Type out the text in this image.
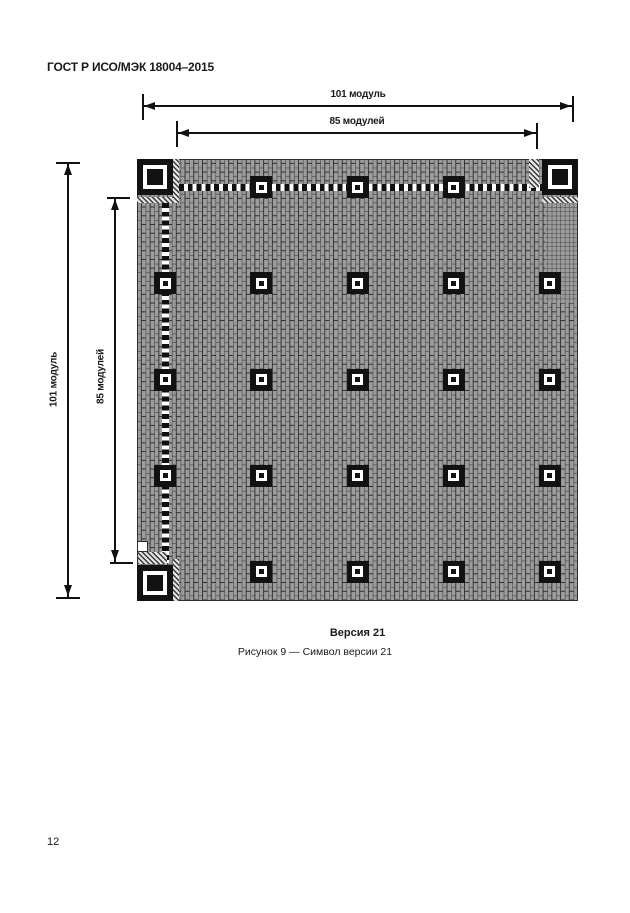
ГОСТ Р ИСО/МЭК 18004–2015
101 модуль
85 модулей
101 модуль	85 модулей
Версия 21
Рисунок 9 — Символ версии 21
12
